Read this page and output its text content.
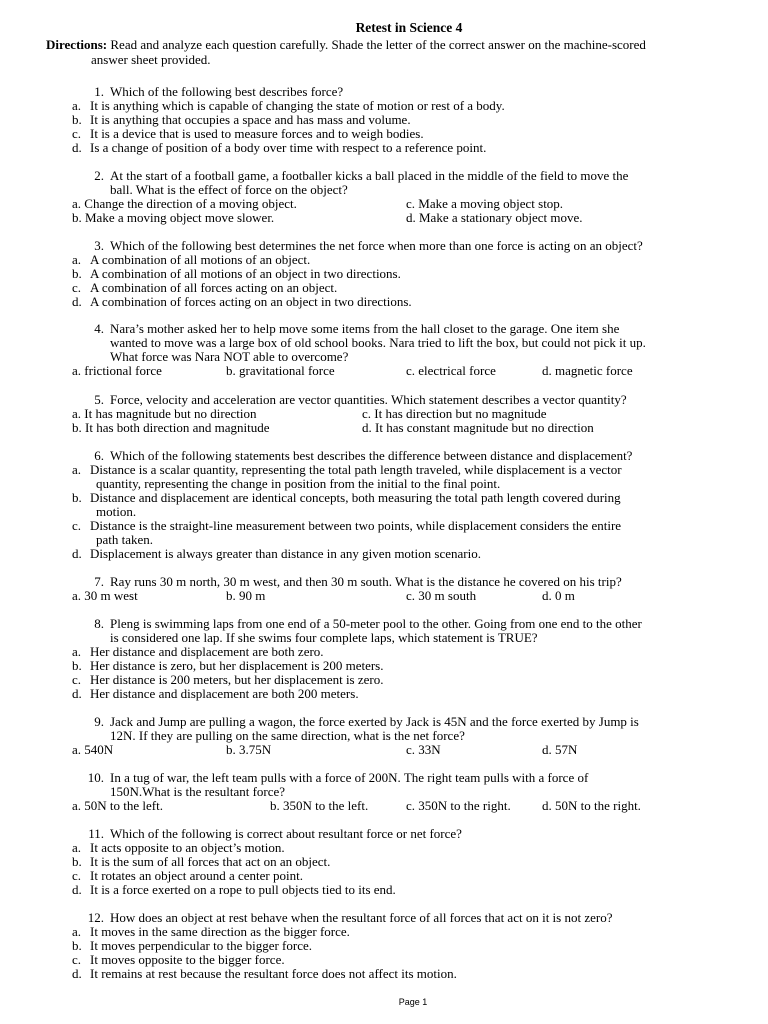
Retest in Science 4
Directions: Read and analyze each question carefully. Shade the letter of the correct answer on the machine-scored
answer sheet provided.
1. Which of the following best describes force?
a. It is anything which is capable of changing the state of motion or rest of a body.
b. It is anything that occupies a space and has mass and volume.
c. It is a device that is used to measure forces and to weigh bodies.
d. Is a change of position of a body over time with respect to a reference point.
2. At the start of a football game, a footballer kicks a ball placed in the middle of the field to move the
ball. What is the effect of force on the object?
a. Change the direction of a moving object.	c. Make a moving object stop.
b. Make a moving object move slower.	d. Make a stationary object move.
3. Which of the following best determines the net force when more than one force is acting on an object?
a. A combination of all motions of an object.
b. A combination of all motions of an object in two directions.
c. A combination of all forces acting on an object.
d. A combination of forces acting on an object in two directions.
4. Nara’s mother asked her to help move some items from the hall closet to the garage. One item she
wanted to move was a large box of old school books. Nara tried to lift the box, but could not pick it up.
What force was Nara NOT able to overcome?
a. frictional force	b. gravitational force	c. electrical force	d. magnetic force
5. Force, velocity and acceleration are vector quantities. Which statement describes a vector quantity?
a. It has magnitude but no direction	c. It has direction but no magnitude
b. It has both direction and magnitude	d. It has constant magnitude but no direction
6. Which of the following statements best describes the difference between distance and displacement?
a. Distance is a scalar quantity, representing the total path length traveled, while displacement is a vector
quantity, representing the change in position from the initial to the final point.
b. Distance and displacement are identical concepts, both measuring the total path length covered during
motion.
c. Distance is the straight-line measurement between two points, while displacement considers the entire
path taken.
d. Displacement is always greater than distance in any given motion scenario.
7. Ray runs 30 m north, 30 m west, and then 30 m south. What is the distance he covered on his trip?
a. 30 m west	b. 90 m	c. 30 m south	d. 0 m
8. Pleng is swimming laps from one end of a 50-meter pool to the other. Going from one end to the other
is considered one lap. If she swims four complete laps, which statement is TRUE?
a. Her distance and displacement are both zero.
b. Her distance is zero, but her displacement is 200 meters.
c. Her distance is 200 meters, but her displacement is zero.
d. Her distance and displacement are both 200 meters.
9. Jack and Jump are pulling a wagon, the force exerted by Jack is 45N and the force exerted by Jump is
12N. If they are pulling on the same direction, what is the net force?
a. 540N	b. 3.75N	c. 33N	d. 57N
10. In a tug of war, the left team pulls with a force of 200N. The right team pulls with a force of
150N.What is the resultant force?
a. 50N to the left.	b. 350N to the left.	c. 350N to the right. d. 50N to the right.
11. Which of the following is correct about resultant force or net force?
a. It acts opposite to an object’s motion.
b. It is the sum of all forces that act on an object.
c. It rotates an object around a center point.
d. It is a force exerted on a rope to pull objects tied to its end.
12. How does an object at rest behave when the resultant force of all forces that act on it is not zero?
a. It moves in the same direction as the bigger force.
b. It moves perpendicular to the bigger force.
c. It moves opposite to the bigger force.
d. It remains at rest because the resultant force does not affect its motion.
Page 1
